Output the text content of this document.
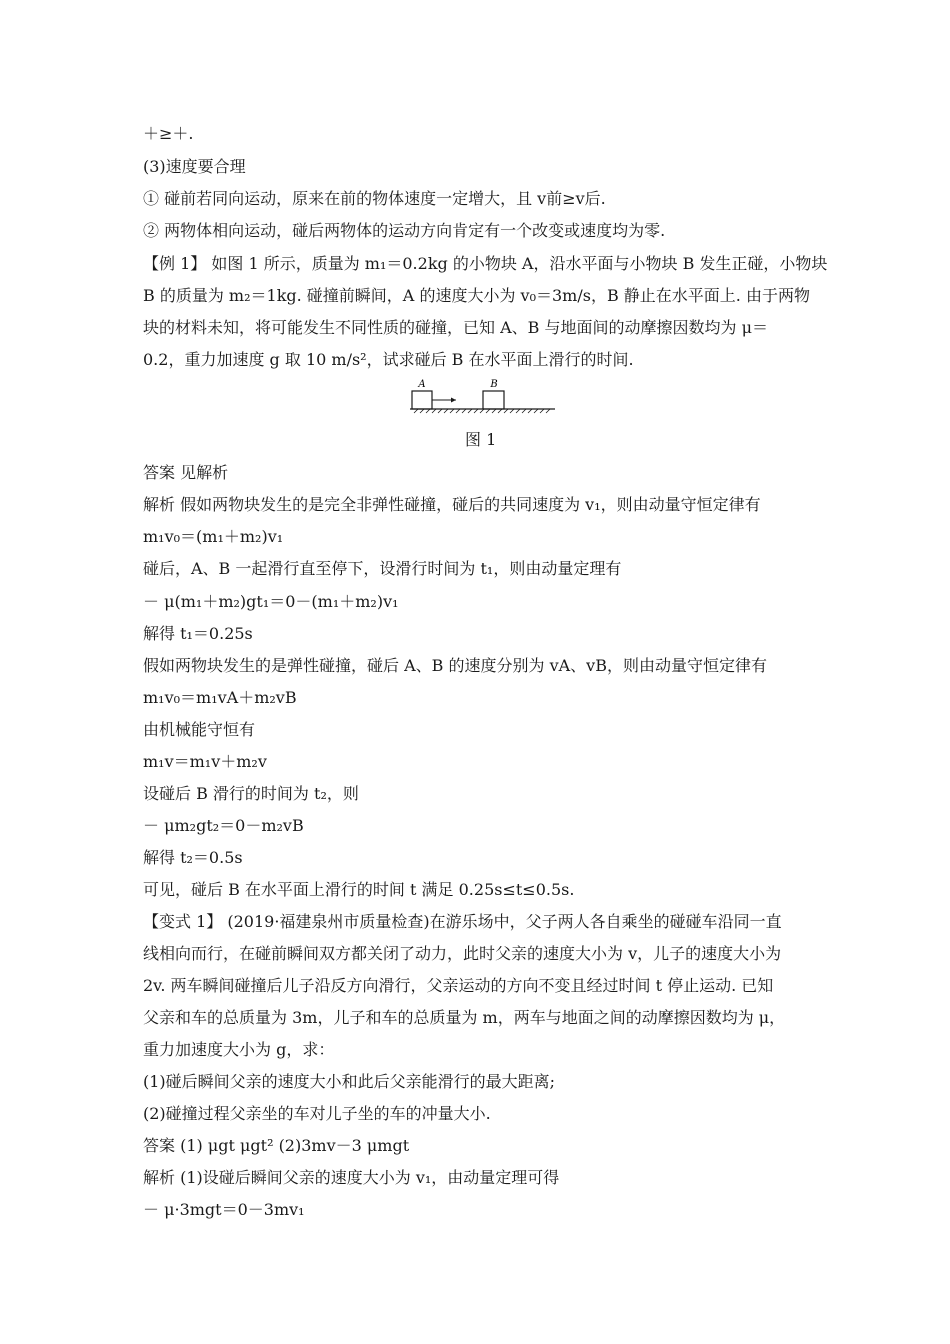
＋≥＋.
(3)速度要合理
① 碰前若同向运动，原来在前的物体速度一定增大，且 v前≥v后.
② 两物体相向运动，碰后两物体的运动方向肯定有一个改变或速度均为零.
【例 1】 如图 1 所示，质量为 m₁＝0.2kg 的小物块 A，沿水平面与小物块 B 发生正碰，小物块
B 的质量为 m₂＝1kg. 碰撞前瞬间，A 的速度大小为 v₀＝3m/s，B 静止在水平面上. 由于两物
块的材料未知，将可能发生不同性质的碰撞，已知 A、B 与地面间的动摩擦因数均为 μ＝
0.2，重力加速度 g 取 10 m/s²，试求碰后 B 在水平面上滑行的时间.
A	B
图 1
答案 见解析
解析 假如两物块发生的是完全非弹性碰撞，碰后的共同速度为 v₁，则由动量守恒定律有
m₁v₀＝(m₁＋m₂)v₁
碰后，A、B 一起滑行直至停下，设滑行时间为 t₁，则由动量定理有
－ μ(m₁＋m₂)gt₁＝0－(m₁＋m₂)v₁
解得 t₁＝0.25s
假如两物块发生的是弹性碰撞，碰后 A、B 的速度分别为 vA、vB，则由动量守恒定律有
m₁v₀＝m₁vA＋m₂vB
由机械能守恒有
m₁v＝m₁v＋m₂v
设碰后 B 滑行的时间为 t₂，则
－ μm₂gt₂＝0－m₂vB
解得 t₂＝0.5s
可见，碰后 B 在水平面上滑行的时间 t 满足 0.25s≤t≤0.5s.
【变式 1】 (2019·福建泉州市质量检查)在游乐场中，父子两人各自乘坐的碰碰车沿同一直
线相向而行，在碰前瞬间双方都关闭了动力，此时父亲的速度大小为 v，儿子的速度大小为
2v. 两车瞬间碰撞后儿子沿反方向滑行，父亲运动的方向不变且经过时间 t 停止运动. 已知
父亲和车的总质量为 3m，儿子和车的总质量为 m，两车与地面之间的动摩擦因数均为 μ，
重力加速度大小为 g，求：
(1)碰后瞬间父亲的速度大小和此后父亲能滑行的最大距离;
(2)碰撞过程父亲坐的车对儿子坐的车的冲量大小.
答案 (1) μgt μgt² (2)3mv－3 μmgt
解析 (1)设碰后瞬间父亲的速度大小为 v₁，由动量定理可得
－ μ·3mgt＝0－3mv₁
